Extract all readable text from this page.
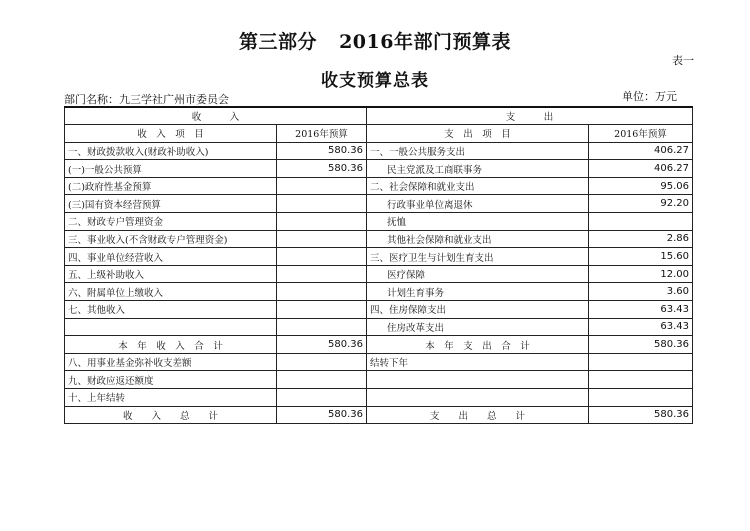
第三部分 2016年部门预算表
表一
收支预算总表
部门名称：九三学社广州市委员会	单位：万元
收　　　入		支　　　出	
收　入　项　目	2016年预算	支　出　项　目	2016年预算
一、财政拨款收入(财政补助收入)	580.36	一、一般公共服务支出	406.27
(一)一般公共预算	580.36	民主党派及工商联事务	406.27
(二)政府性基金预算		二、社会保障和就业支出	95.06
(三)国有资本经营预算		行政事业单位离退休	92.20
二、财政专户管理资金		抚恤	
三、事业收入(不含财政专户管理资金)		其他社会保障和就业支出	2.86
四、事业单位经营收入		三、医疗卫生与计划生育支出	15.60
五、上级补助收入		医疗保障	12.00
六、附属单位上缴收入		计划生育事务	3.60
七、其他收入		四、住房保障支出	63.43
		住房改革支出	63.43
本　年　收　入　合　计	580.36	本　年　支　出　合　计	580.36
八、用事业基金弥补收支差额		结转下年	
九、财政应返还额度			
十、上年结转			
收　　入　　总　　计	580.36	支　　出　　总　　计	580.36
